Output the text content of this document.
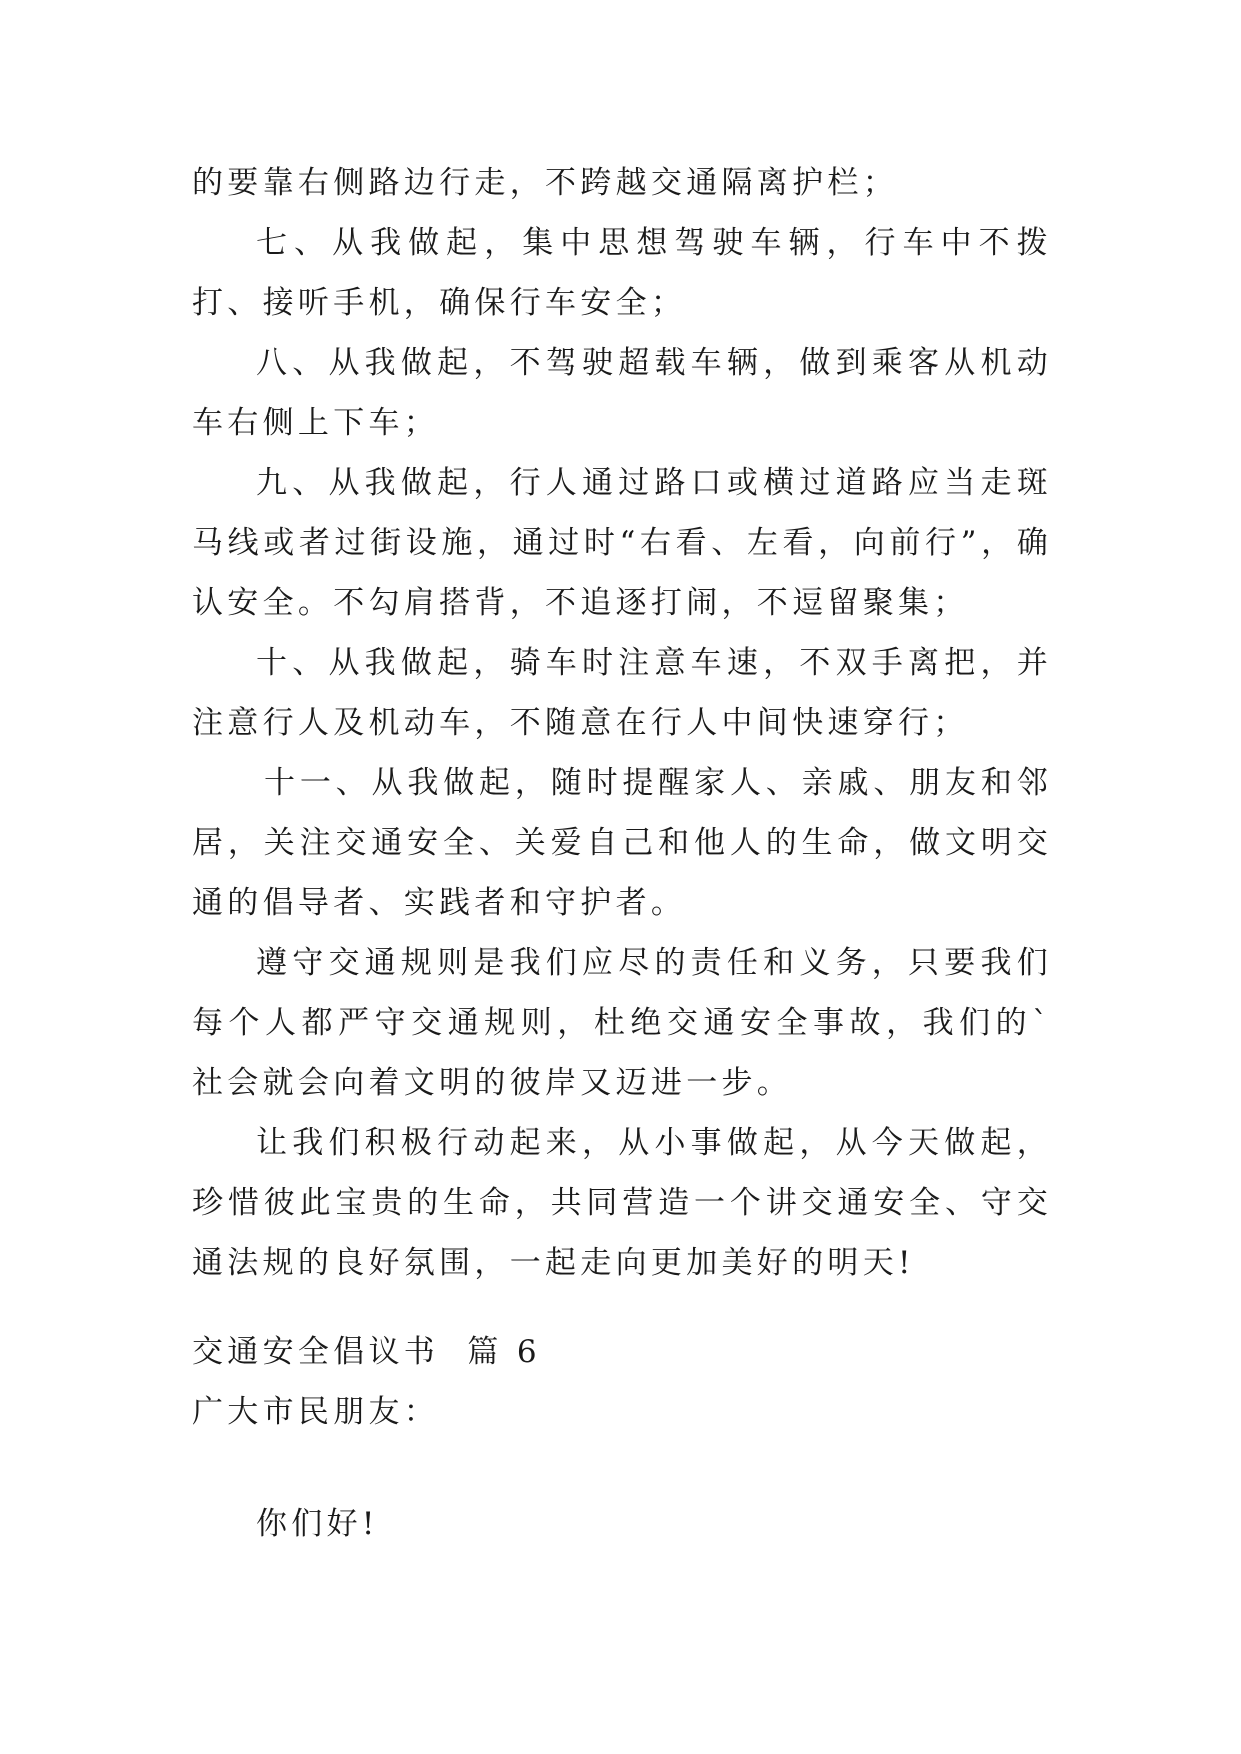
的要靠右侧路边行走，不跨越交通隔离护栏；

七、从我做起，集中思想驾驶车辆，行车中不拨打、接听手机，确保行车安全；

八、从我做起，不驾驶超载车辆，做到乘客从机动车右侧上下车；

九、从我做起，行人通过路口或横过道路应当走斑马线或者过街设施，通过时“右看、左看，向前行”，确认安全。不勾肩搭背，不追逐打闹，不逗留聚集；

十、从我做起，骑车时注意车速，不双手离把，并注意行人及机动车，不随意在行人中间快速穿行；

十一、从我做起，随时提醒家人、亲戚、朋友和邻居，关注交通安全、关爱自己和他人的生命，做文明交通的倡导者、实践者和守护者。

遵守交通规则是我们应尽的责任和义务，只要我们每个人都严守交通规则，杜绝交通安全事故，我们的`社会就会向着文明的彼岸又迈进一步。

让我们积极行动起来，从小事做起，从今天做起，珍惜彼此宝贵的生命，共同营造一个讲交通安全、守交通法规的良好氛围，一起走向更加美好的明天!

交通安全倡议书  篇 6
广大市民朋友：
你们好!
